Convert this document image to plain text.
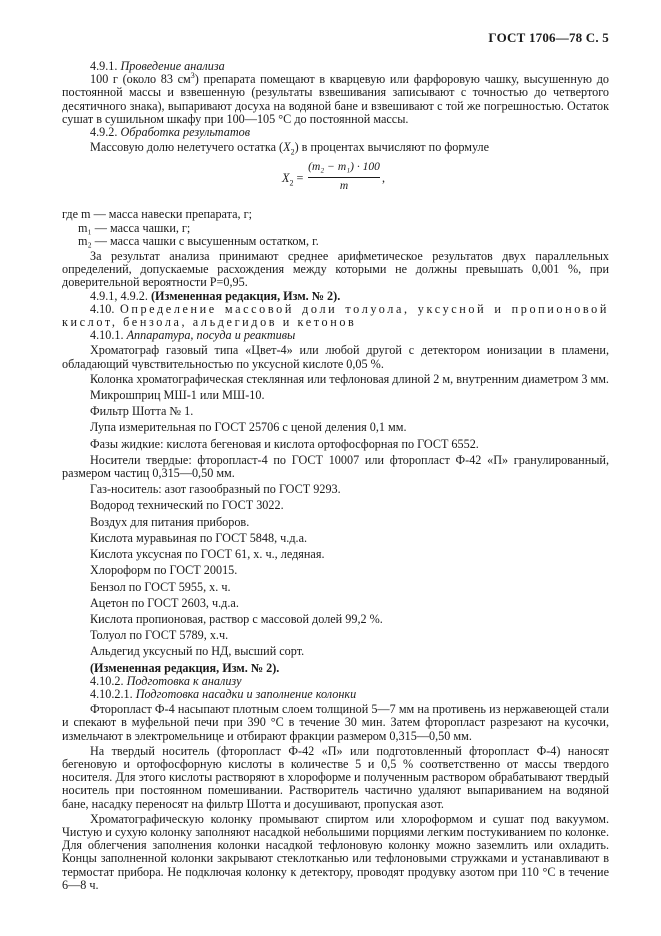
ГОСТ 1706—78 С. 5

4.9.1. Проведение анализа

100 г (около 83 $см^3$) препарата помещают в кварцевую или фарфоровую чашку, высушенную до постоянной массы и взвешенную (результаты взвешивания записывают с точностью до четвертого десятичного знака), выпаривают досуха на водяной бане и взвешивают с той же погрешностью. Остаток сушат в сушильном шкафу при 100—105 °С до постоянной массы.

4.9.2. Обработка результатов

Массовую долю нелетучего остатка $(X_2)$ в процентах вычисляют по формуле

$X_2 = \frac{\text{(m₂ − m₁) · 100}}{m}$ ,

где m — масса навески препарата, г;

m₁ — масса чашки, г;

m₂ — масса чашки с высушенным остатком, г.

За результат анализа принимают среднее арифметическое результатов двух параллельных определений, допускаемые расхождения между которыми не должны превышать 0,001 %, при доверительной вероятности Р=0,95.

4.9.1, 4.9.2. (Измененная редакция, Изм. № 2).

4.10. Определение массовой доли толуола, уксусной и пропионовой кислот, бензола, альдегидов и кетонов

4.10.1. Аппаратура, посуда и реактивы

Хроматограф газовый типа «Цвет-4» или любой другой с детектором ионизации в пламени, обладающий чувствительностью по уксусной кислоте 0,05 %.

Колонка хроматографическая стеклянная или тефлоновая длиной 2 м, внутренним диаметром 3 мм.

Микрошприц МШ-1 или МШ-10.

Фильтр Шотта № 1.

Лупа измерительная по ГОСТ 25706 с ценой деления 0,1 мм.

Фазы жидкие: кислота бегеновая и кислота ортофосфорная по ГОСТ 6552.

Носители твердые: фторопласт-4 по ГОСТ 10007 или фторопласт Ф-42 «П» гранулированный, размером частиц 0,315—0,50 мм.

Газ-носитель: азот газообразный по ГОСТ 9293.

Водород технический по ГОСТ 3022.

Воздух для питания приборов.

Кислота муравьиная по ГОСТ 5848, ч.д.а.

Кислота уксусная по ГОСТ 61, х. ч., ледяная.

Хлороформ по ГОСТ 20015.

Бензол по ГОСТ 5955, х. ч.

Ацетон по ГОСТ 2603, ч.д.а.

Кислота пропионовая, раствор с массовой долей 99,2 %.

Толуол по ГОСТ 5789, х.ч.

Альдегид уксусный по НД, высший сорт.

(Измененная редакция, Изм. № 2).

4.10.2. Подготовка к анализу

4.10.2.1. Подготовка насадки и заполнение колонки

Фторопласт Ф-4 насыпают плотным слоем толщиной 5—7 мм на противень из нержавеющей стали и спекают в муфельной печи при 390 °С в течение 30 мин. Затем фторопласт разрезают на кусочки, измельчают в электромельнице и отбирают фракции размером 0,315—0,50 мм.

На твердый носитель (фторопласт Ф-42 «П» или подготовленный фторопласт Ф-4) наносят бегеновую и ортофосфорную кислоты в количестве 5 и 0,5 % соответственно от массы твердого носителя. Для этого кислоты растворяют в хлороформе и полученным раствором обрабатывают твердый носитель при постоянном помешивании. Растворитель частично удаляют выпариванием на водяной бане, насадку переносят на фильтр Шотта и досушивают, пропуская азот.

Хроматографическую колонку промывают спиртом или хлороформом и сушат под вакуумом. Чистую и сухую колонку заполняют насадкой небольшими порциями легким постукиванием по колонке. Для облегчения заполнения колонки насадкой тефлоновую колонку можно заземлить или охладить. Концы заполненной колонки закрывают стеклотканью или тефлоновыми стружками и устанавливают в термостат прибора. Не подключая колонку к детектору, проводят продувку азотом при 110 °С в течение 6—8 ч.
